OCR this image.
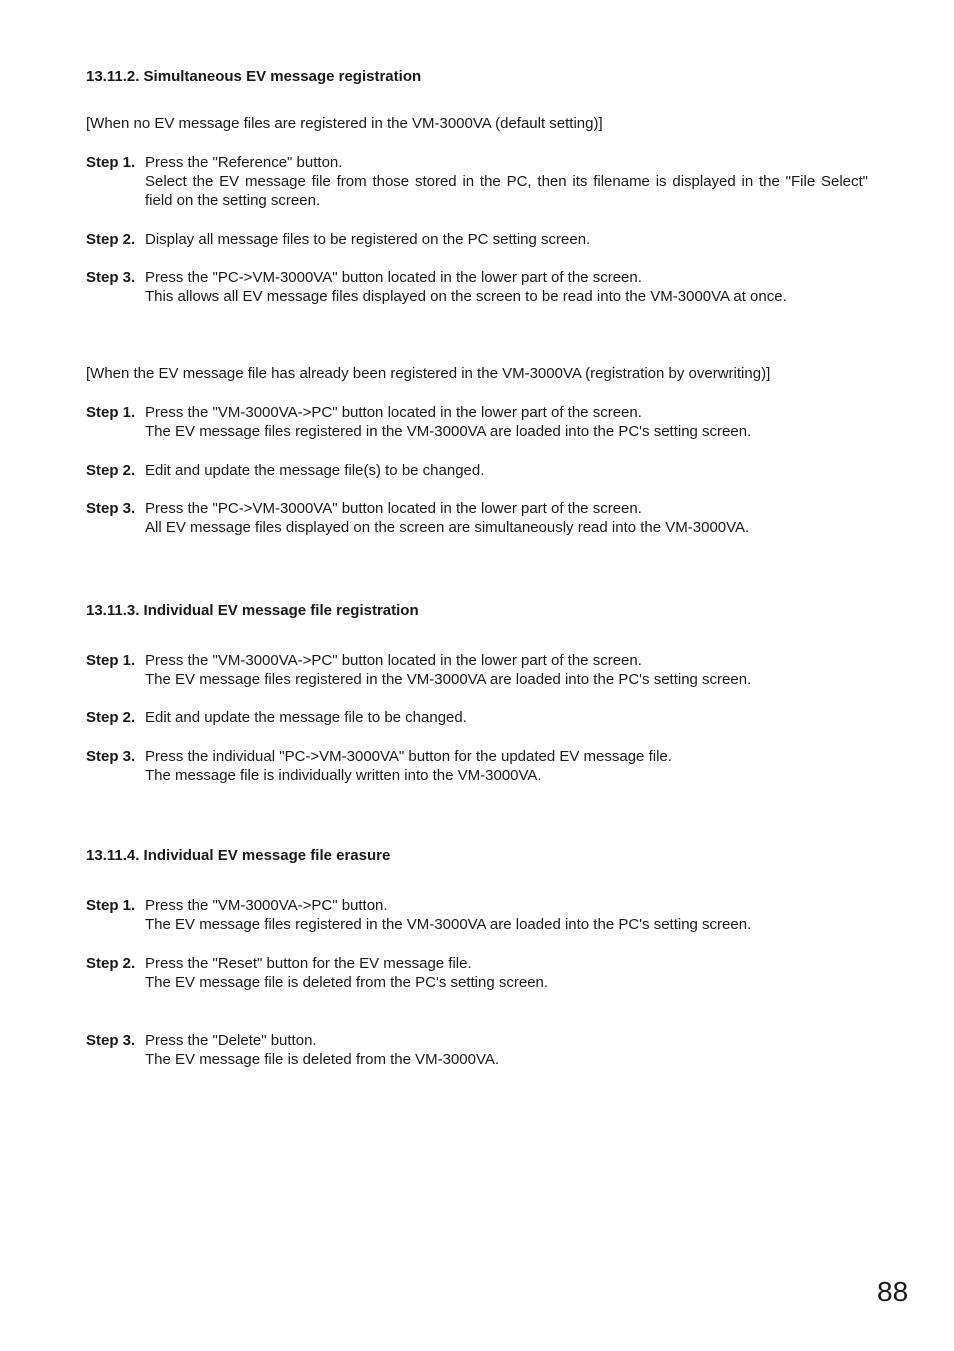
13.11.2. Simultaneous EV message registration
[When no EV message files are registered in the VM-3000VA (default setting)]
Step 1. Press the "Reference" button.
Select the EV message file from those stored in the PC, then its filename is displayed in the "File Select" field on the setting screen.
Step 2. Display all message files to be registered on the PC setting screen.
Step 3. Press the "PC->VM-3000VA" button located in the lower part of the screen.
This allows all EV message files displayed on the screen to be read into the VM-3000VA at once.
[When the EV message file has already been registered in the VM-3000VA (registration by overwriting)]
Step 1. Press the "VM-3000VA->PC" button located in the lower part of the screen.
The EV message files registered in the VM-3000VA are loaded into the PC's setting screen.
Step 2. Edit and update the message file(s) to be changed.
Step 3. Press the "PC->VM-3000VA" button located in the lower part of the screen.
All EV message files displayed on the screen are simultaneously read into the VM-3000VA.
13.11.3. Individual EV message file registration
Step 1. Press the "VM-3000VA->PC" button located in the lower part of the screen.
The EV message files registered in the VM-3000VA are loaded into the PC's setting screen.
Step 2. Edit and update the message file to be changed.
Step 3. Press the individual "PC->VM-3000VA" button for the updated EV message file.
The message file is individually written into the VM-3000VA.
13.11.4. Individual EV message file erasure
Step 1. Press the "VM-3000VA->PC" button.
The EV message files registered in the VM-3000VA are loaded into the PC's setting screen.
Step 2. Press the "Reset" button for the EV message file.
The EV message file is deleted from the PC's setting screen.
Step 3. Press the "Delete" button.
The EV message file is deleted from the VM-3000VA.
88
